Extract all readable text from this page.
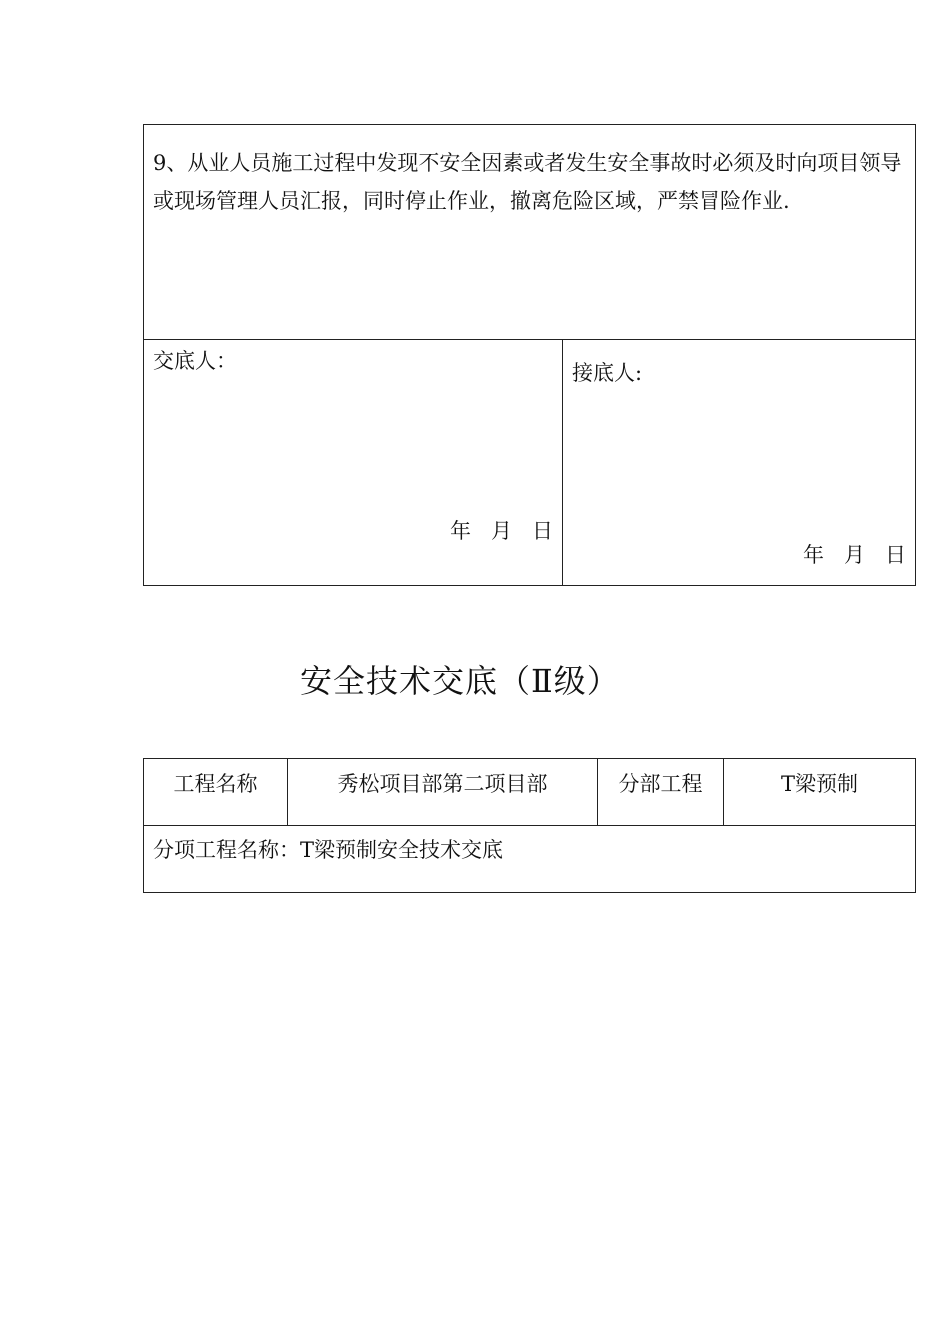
9、从业人员施工过程中发现不安全因素或者发生安全事故时必须及时向项目领导或现场管理人员汇报，同时停止作业，撤离危险区域，严禁冒险作业.

交底人：
年   月   日

接底人:
年   月   日
安全技术交底（Ⅱ级）
工程名称	秀松项目部第二项目部	分部工程	T梁预制

分项工程名称：T梁预制安全技术交底
